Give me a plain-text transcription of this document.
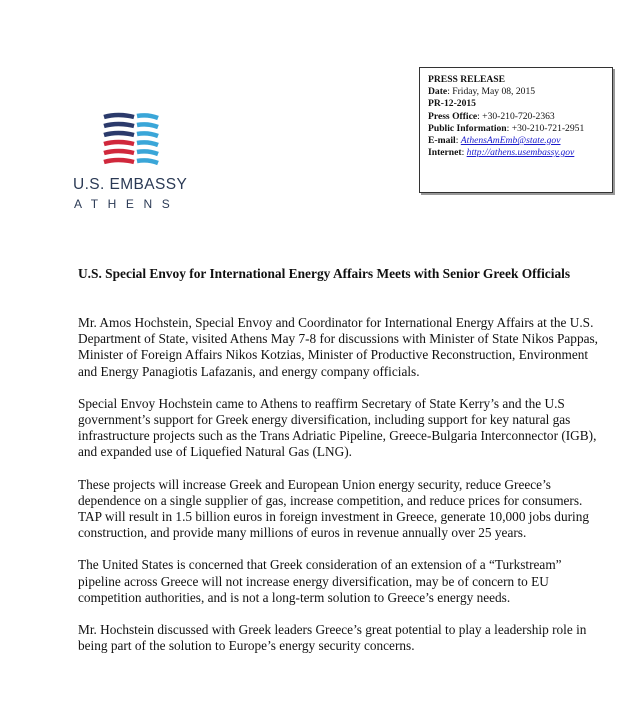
PRESS RELEASE
Date: Friday, May 08, 2015
PR-12-2015
Press Office: +30-210-720-2363
Public Information: +30-210-721-2951
E-mail: AthensAmEmb@state.gov
Internet: http://athens.usembassy.gov
U.S. EMBASSY
ATHENS
U.S. Special Envoy for International Energy Affairs Meets with Senior Greek Officials

Mr. Amos Hochstein, Special Envoy and Coordinator for International Energy Affairs at the U.S. Department of State, visited Athens May 7-8 for discussions with Minister of State Nikos Pappas, Minister of Foreign Affairs Nikos Kotzias, Minister of Productive Reconstruction, Environment and Energy Panagiotis Lafazanis, and energy company officials.

Special Envoy Hochstein came to Athens to reaffirm Secretary of State Kerry’s and the U.S government’s support for Greek energy diversification, including support for key natural gas infrastructure projects such as the Trans Adriatic Pipeline, Greece-Bulgaria Interconnector (IGB), and expanded use of Liquefied Natural Gas (LNG).

These projects will increase Greek and European Union energy security, reduce Greece’s dependence on a single supplier of gas, increase competition, and reduce prices for consumers. TAP will result in 1.5 billion euros in foreign investment in Greece, generate 10,000 jobs during construction, and provide many millions of euros in revenue annually over 25 years.

The United States is concerned that Greek consideration of an extension of a “Turkstream” pipeline across Greece will not increase energy diversification, may be of concern to EU competition authorities, and is not a long-term solution to Greece’s energy needs.

Mr. Hochstein discussed with Greek leaders Greece’s great potential to play a leadership role in being part of the solution to Europe’s energy security concerns.
